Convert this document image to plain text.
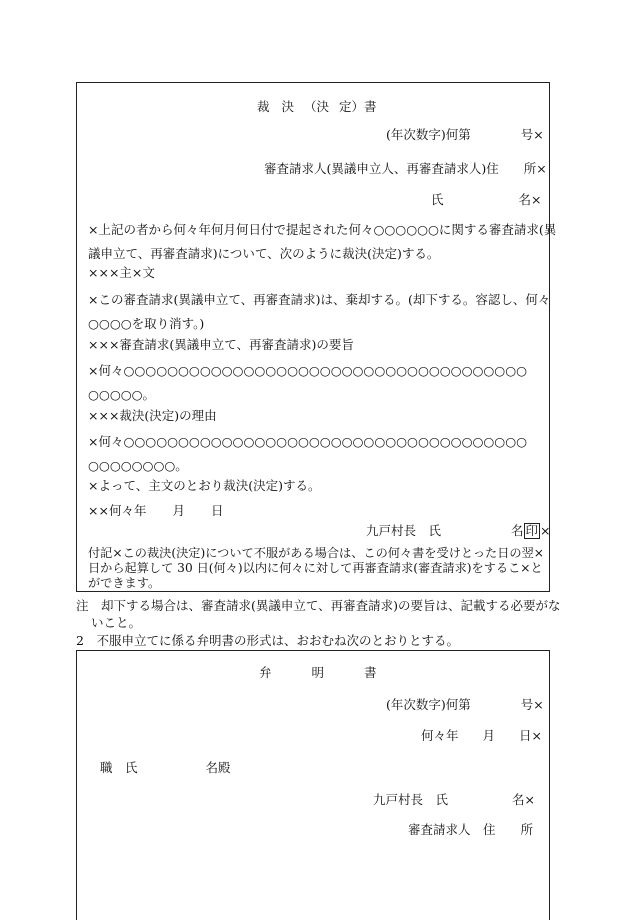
裁 決 （決 定）書
(年次数字)何第　　　　号×
審査請求人(異議申立人、再審査請求人)住　　所×
氏　　　　　　名×
×上記の者から何々年何月何日付で提起された何々○○○○○○に関する審査請求(異
議申立て、再審査請求)について、次のように裁決(決定)する。
×××主×文
×この審査請求(異議申立て、再審査請求)は、棄却する。(却下する。容認し、何々
○○○○を取り消す。)
×××審査請求(異議申立て、再審査請求)の要旨
×何々○○○○○○○○○○○○○○○○○○○○○○○○○○○○○○○○○○○○○
○○○○○。
×××裁決(決定)の理由
×何々○○○○○○○○○○○○○○○○○○○○○○○○○○○○○○○○○○○○○
○○○○○○○○。
×よって、主文のとおり裁決(決定)する。
××何々年 月 日
九戸村長　氏	名 印 ×
付記×この裁決(決定)について不服がある場合は、この何々書を受けとった日の翌×
日から起算して 30 日(何々)以内に何々に対して再審査請求(審査請求)をするこ×と
ができます。
注　却下する場合は、審査請求(異議申立て、再審査請求)の要旨は、記載する必要がな
いこと。
2　不服申立てに係る弁明書の形式は、おおむね次のとおりとする。
弁	明	書
(年次数字)何第　　　　号×
何々年 月 日×
職　氏	名殿
九戸村長　氏	名×
審査請求人　住　　所
